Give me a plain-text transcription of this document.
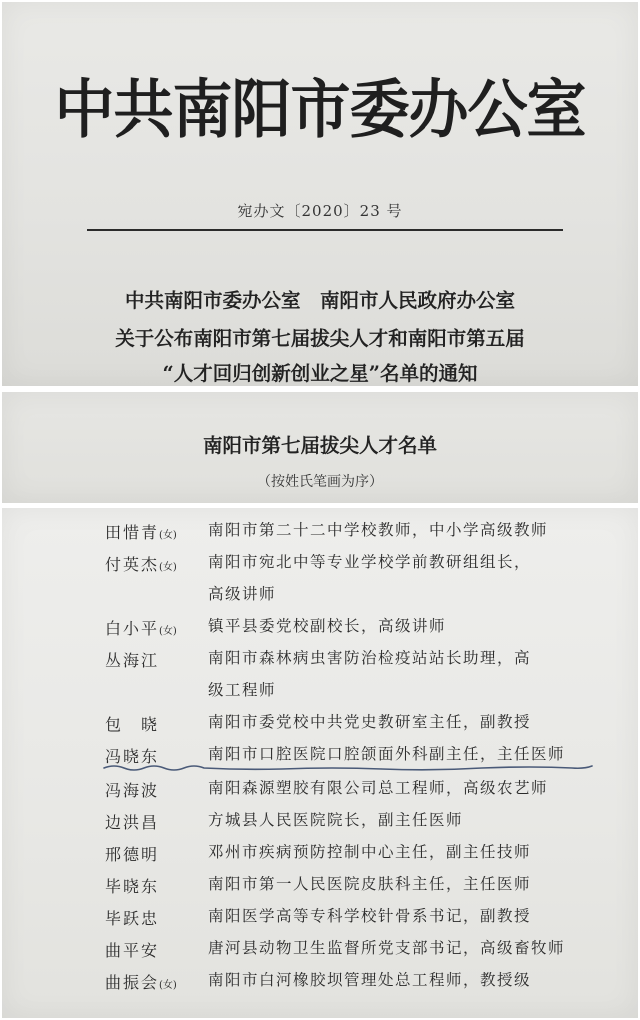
中共南阳市委办公室
宛办文〔2020〕23 号
中共南阳市委办公室　南阳市人民政府办公室
关于公布南阳市第七届拔尖人才和南阳市第五届
“人才回归创新创业之星”名单的通知
南阳市第七届拔尖人才名单
（按姓氏笔画为序）
田惜青(女)	南阳市第二十二中学校教师，中小学高级教师
付英杰(女)	南阳市宛北中等专业学校学前教研组组长，
高级讲师
白小平(女)	镇平县委党校副校长，高级讲师
丛海江	南阳市森林病虫害防治检疫站站长助理，高
级工程师
包　晓	南阳市委党校中共党史教研室主任，副教授
冯晓东	南阳市口腔医院口腔颌面外科副主任，主任医师
冯海波	南阳森源塑胶有限公司总工程师，高级农艺师
边洪昌	方城县人民医院院长，副主任医师
邢德明	邓州市疾病预防控制中心主任，副主任技师
毕晓东	南阳市第一人民医院皮肤科主任，主任医师
毕跃忠	南阳医学高等专科学校针骨系书记，副教授
曲平安	唐河县动物卫生监督所党支部书记，高级畜牧师
曲振会(女)	南阳市白河橡胶坝管理处总工程师，教授级
